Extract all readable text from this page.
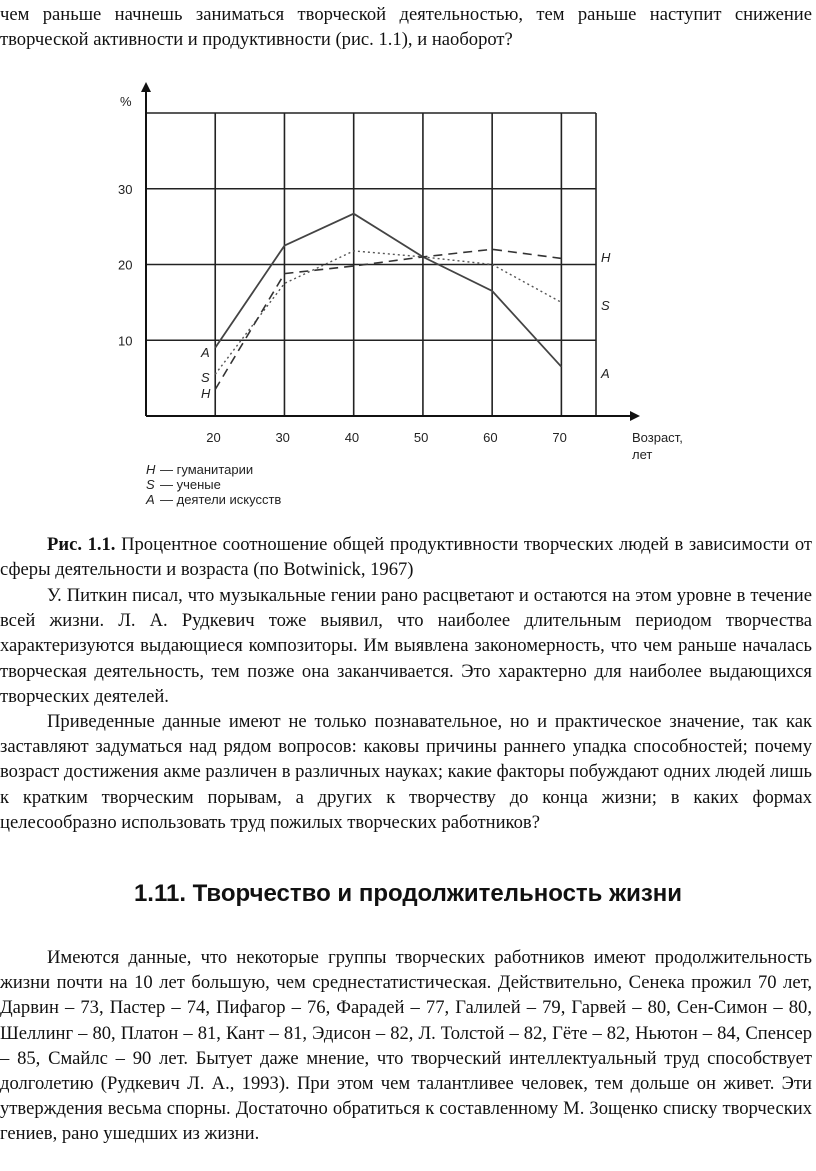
чем раньше начнешь заниматься творческой деятельностью, тем раньше наступит снижение творческой активности и продуктивности (рис. 1.1), и наоборот?
10
20
30
%
20	30	40	50	60	70	Возраст,
лет
A
A
S
S
H
H
H — гуманитарии
S — ученые
A — деятели искусств
Рис. 1.1. Процентное соотношение общей продуктивности творческих людей в зависимости от сферы деятельности и возраста (по Botwinick, 1967)
У. Питкин писал, что музыкальные гении рано расцветают и остаются на этом уровне в течение всей жизни. Л. А. Рудкевич тоже выявил, что наиболее длительным периодом творчества характеризуются выдающиеся композиторы. Им выявлена закономерность, что чем раньше началась творческая деятельность, тем позже она заканчивается. Это характерно для наиболее выдающихся творческих деятелей.
Приведенные данные имеют не только познавательное, но и практическое значение, так как заставляют задуматься над рядом вопросов: каковы причины раннего упадка способностей; почему возраст достижения акме различен в различных науках; какие факторы побуждают одних людей лишь к кратким творческим порывам, а других к творчеству до конца жизни; в каких формах целесообразно использовать труд пожилых творческих работников?
1.11. Творчество и продолжительность жизни
Имеются данные, что некоторые группы творческих работников имеют продолжительность жизни почти на 10 лет большую, чем среднестатистическая. Действительно, Сенека прожил 70 лет, Дарвин – 73, Пастер – 74, Пифагор – 76, Фарадей – 77, Галилей – 79, Гарвей – 80, Сен-Симон – 80, Шеллинг – 80, Платон – 81, Кант – 81, Эдисон – 82, Л. Толстой – 82, Гёте – 82, Ньютон – 84, Спенсер – 85, Смайлс – 90 лет. Бытует даже мнение, что творческий интеллектуальный труд способствует долголетию (Рудкевич Л. А., 1993). При этом чем талантливее человек, тем дольше он живет. Эти утверждения весьма спорны. Достаточно обратиться к составленному М. Зощенко списку творческих гениев, рано ушедших из жизни.
